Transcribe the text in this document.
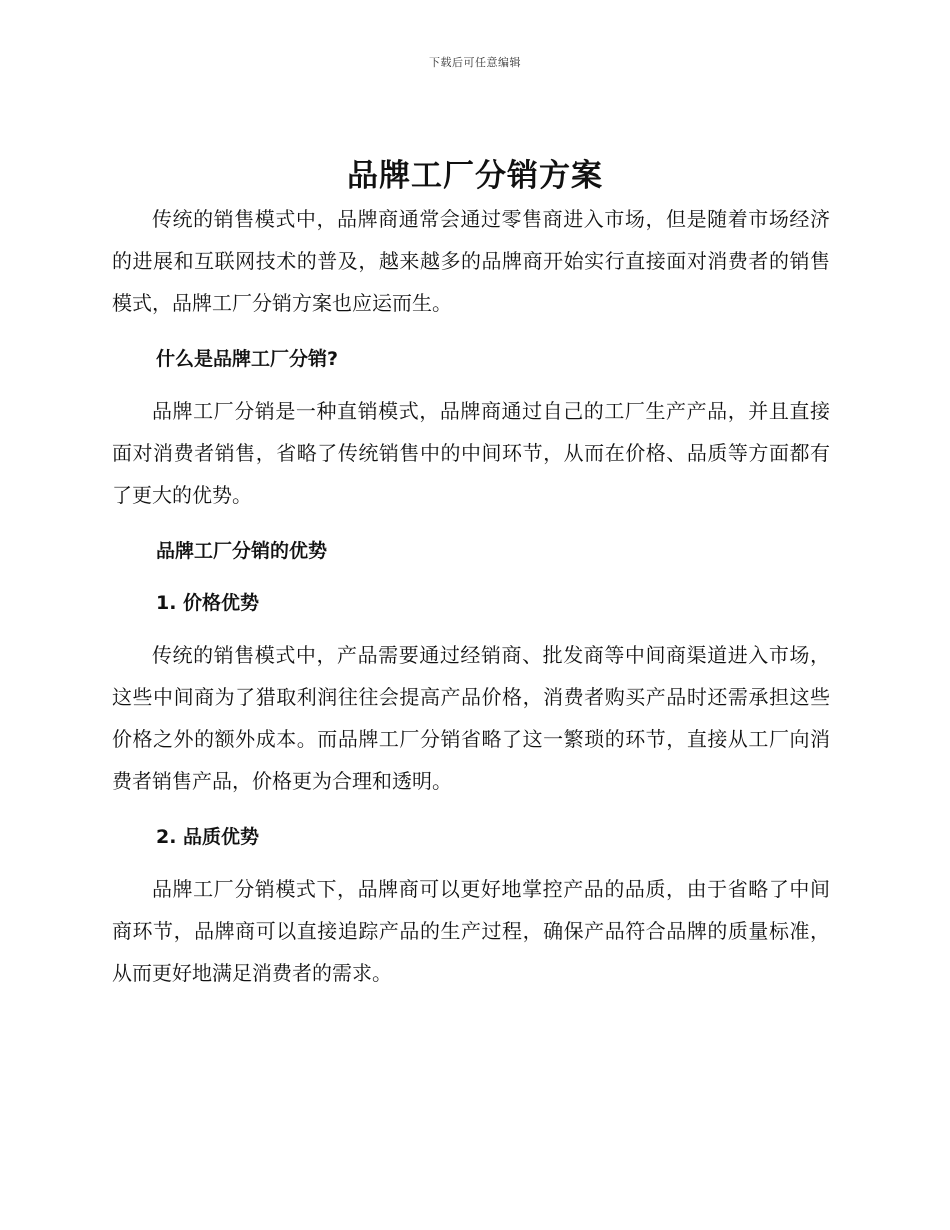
下载后可任意编辑
品牌工厂分销方案

传统的销售模式中，品牌商通常会通过零售商进入市场，但是随着市场经济的进展和互联网技术的普及，越来越多的品牌商开始实行直接面对消费者的销售模式，品牌工厂分销方案也应运而生。

什么是品牌工厂分销?

品牌工厂分销是一种直销模式，品牌商通过自己的工厂生产产品，并且直接面对消费者销售，省略了传统销售中的中间环节，从而在价格、品质等方面都有了更大的优势。

品牌工厂分销的优势

1. 价格优势

传统的销售模式中，产品需要通过经销商、批发商等中间商渠道进入市场，这些中间商为了猎取利润往往会提高产品价格，消费者购买产品时还需承担这些价格之外的额外成本。而品牌工厂分销省略了这一繁琐的环节，直接从工厂向消费者销售产品，价格更为合理和透明。

2. 品质优势

品牌工厂分销模式下，品牌商可以更好地掌控产品的品质，由于省略了中间商环节，品牌商可以直接追踪产品的生产过程，确保产品符合品牌的质量标准，从而更好地满足消费者的需求。
